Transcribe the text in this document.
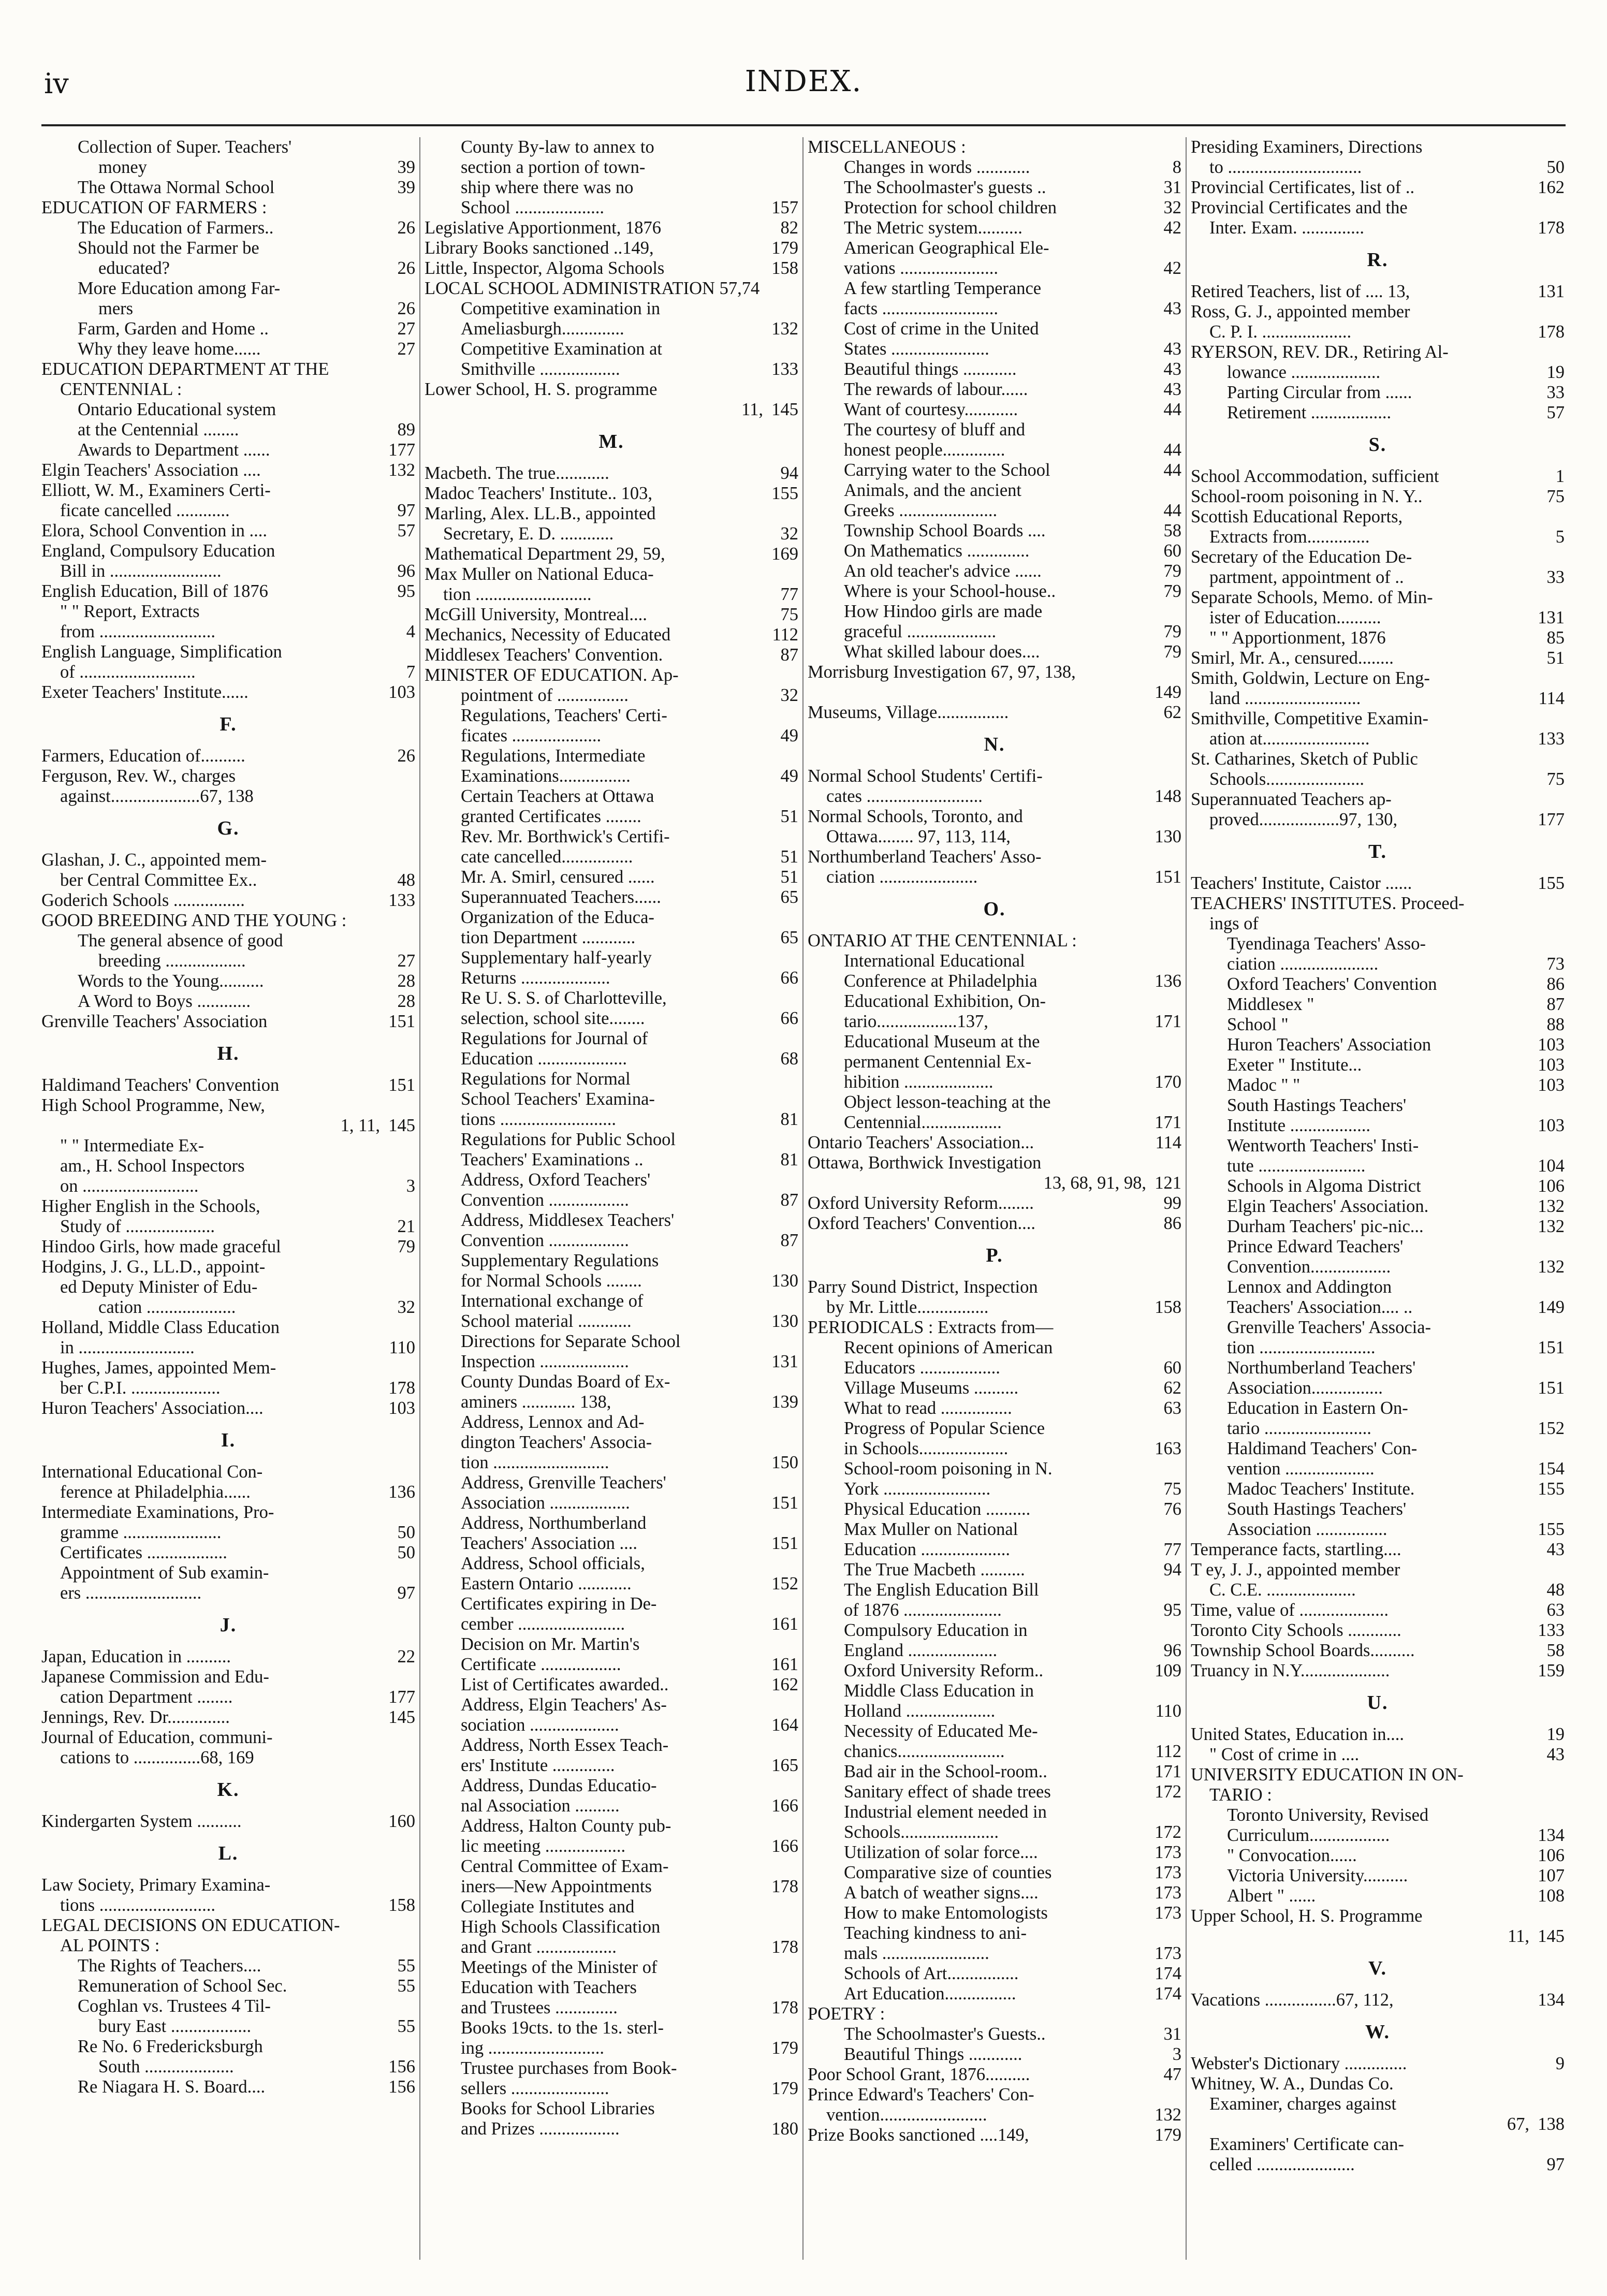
iv	INDEX.
Collection of Super. Teachers'
money	39
The Ottawa Normal School	39
EDUCATION OF FARMERS :
The Education of Farmers..	26
Should not the Farmer be
educated?	26
More Education among Far-
mers	26
Farm, Garden and Home ..	27
Why they leave home......	27
EDUCATION DEPARTMENT AT THE
CENTENNIAL :
Ontario Educational system
at the Centennial ........	89
Awards to Department ......	177
Elgin Teachers' Association ....	132
Elliott, W. M., Examiners Certi-
ficate cancelled ............	97
Elora, School Convention in ....	57
England, Compulsory Education
Bill in .........................	96
English Education, Bill of 1876	95
" " Report, Extracts
from ..........................	4
English Language, Simplification
of ..........................	7
Exeter Teachers' Institute......	103
F.
Farmers, Education of..........	26
Ferguson, Rev. W., charges
against....................67, 138
G.
Glashan, J. C., appointed mem-
ber Central Committee Ex..	48
Goderich Schools ................	133
GOOD BREEDING AND THE YOUNG :
The general absence of good
breeding ..................	27
Words to the Young..........	28
A Word to Boys ............	28
Grenville Teachers' Association	151
H.
Haldimand Teachers' Convention	151
High School Programme, New,
1, 11, 145
" " Intermediate Ex-
am., H. School Inspectors
on ..........................	3
Higher English in the Schools,
Study of ....................	21
Hindoo Girls, how made graceful	79
Hodgins, J. G., LL.D., appoint-
ed Deputy Minister of Edu-
cation ....................	32
Holland, Middle Class Education
in ..........................	110
Hughes, James, appointed Mem-
ber C.P.I. ....................	178
Huron Teachers' Association....	103
I.
International Educational Con-
ference at Philadelphia......	136
Intermediate Examinations, Pro-
gramme ......................	50
Certificates ..................	50
Appointment of Sub examin-
ers ..........................	97
J.
Japan, Education in ..........	22
Japanese Commission and Edu-
cation Department ........	177
Jennings, Rev. Dr..............	145
Journal of Education, communi-
cations to ...............68, 169
K.
Kindergarten System ..........	160
L.
Law Society, Primary Examina-
tions ..........................	158
LEGAL DECISIONS ON EDUCATION-
AL POINTS :
The Rights of Teachers....	55
Remuneration of School Sec.	55
Coghlan vs. Trustees 4 Til-
bury East ..................	55
Re No. 6 Fredericksburgh
South ....................	156
Re Niagara H. S. Board....	156
County By-law to annex to
section a portion of town-
ship where there was no
School ....................	157
Legislative Apportionment, 1876	82
Library Books sanctioned ..149,	179
Little, Inspector, Algoma Schools	158
LOCAL SCHOOL ADMINISTRATION 57,74
Competitive examination in
Ameliasburgh..............	132
Competitive Examination at
Smithville ..................	133
Lower School, H. S. programme
11, 145
M.
Macbeth. The true............	94
Madoc Teachers' Institute.. 103,	155
Marling, Alex. LL.B., appointed
Secretary, E. D. ............	32
Mathematical Department 29, 59,	169
Max Muller on National Educa-
tion ..........................	77
McGill University, Montreal....	75
Mechanics, Necessity of Educated	112
Middlesex Teachers' Convention.	87
MINISTER OF EDUCATION. Ap-
pointment of ................	32
Regulations, Teachers' Certi-
ficates ....................	49
Regulations, Intermediate
Examinations................	49
Certain Teachers at Ottawa
granted Certificates ........	51
Rev. Mr. Borthwick's Certifi-
cate cancelled................	51
Mr. A. Smirl, censured ......	51
Superannuated Teachers......	65
Organization of the Educa-
tion Department ............	65
Supplementary half-yearly
Returns ....................	66
Re U. S. S. of Charlotteville,
selection, school site........	66
Regulations for Journal of
Education ....................	68
Regulations for Normal
School Teachers' Examina-
tions ..........................	81
Regulations for Public School
Teachers' Examinations ..	81
Address, Oxford Teachers'
Convention ..................	87
Address, Middlesex Teachers'
Convention ..................	87
Supplementary Regulations
for Normal Schools ........	130
International exchange of
School material ............	130
Directions for Separate School
Inspection ....................	131
County Dundas Board of Ex-
aminers ............ 138,	139
Address, Lennox and Ad-
dington Teachers' Associa-
tion ..........................	150
Address, Grenville Teachers'
Association ..................	151
Address, Northumberland
Teachers' Association ....	151
Address, School officials,
Eastern Ontario ............	152
Certificates expiring in De-
cember ........................	161
Decision on Mr. Martin's
Certificate ..................	161
List of Certificates awarded..	162
Address, Elgin Teachers' As-
sociation ....................	164
Address, North Essex Teach-
ers' Institute ..............	165
Address, Dundas Educatio-
nal Association ..........	166
Address, Halton County pub-
lic meeting ..................	166
Central Committee of Exam-
iners—New Appointments	178
Collegiate Institutes and
High Schools Classification
and Grant ..................	178
Meetings of the Minister of
Education with Teachers
and Trustees ..............	178
Books 19cts. to the 1s. sterl-
ing ..........................	179
Trustee purchases from Book-
sellers ......................	179
Books for School Libraries
and Prizes ..................	180
MISCELLANEOUS :
Changes in words ............	8
The Schoolmaster's guests ..	31
Protection for school children	32
The Metric system..........	42
American Geographical Ele-
vations ......................	42
A few startling Temperance
facts ..........................	43
Cost of crime in the United
States ......................	43
Beautiful things ............	43
The rewards of labour......	43
Want of courtesy............	44
The courtesy of bluff and
honest people..............	44
Carrying water to the School	44
Animals, and the ancient
Greeks ......................	44
Township School Boards ....	58
On Mathematics ..............	60
An old teacher's advice ......	79
Where is your School-house..	79
How Hindoo girls are made
graceful ....................	79
What skilled labour does....	79
Morrisburg Investigation 67, 97, 138,
149
Museums, Village................	62
N.
Normal School Students' Certifi-
cates ..........................	148
Normal Schools, Toronto, and
Ottawa........ 97, 113, 114,	130
Northumberland Teachers' Asso-
ciation ......................	151
O.
ONTARIO AT THE CENTENNIAL :
International Educational
Conference at Philadelphia	136
Educational Exhibition, On-
tario..................137,	171
Educational Museum at the
permanent Centennial Ex-
hibition ....................	170
Object lesson-teaching at the
Centennial..................	171
Ontario Teachers' Association...	114
Ottawa, Borthwick Investigation
13, 68, 91, 98, 121
Oxford University Reform........	99
Oxford Teachers' Convention....	86
P.
Parry Sound District, Inspection
by Mr. Little................	158
PERIODICALS : Extracts from—
Recent opinions of American
Educators ..................	60
Village Museums ..........	62
What to read ................	63
Progress of Popular Science
in Schools....................	163
School-room poisoning in N.
York ........................	75
Physical Education ..........	76
Max Muller on National
Education ....................	77
The True Macbeth ..........	94
The English Education Bill
of 1876 ......................	95
Compulsory Education in
England ....................	96
Oxford University Reform..	109
Middle Class Education in
Holland ....................	110
Necessity of Educated Me-
chanics........................	112
Bad air in the School-room..	171
Sanitary effect of shade trees	172
Industrial element needed in
Schools......................	172
Utilization of solar force....	173
Comparative size of counties	173
A batch of weather signs....	173
How to make Entomologists	173
Teaching kindness to ani-
mals ........................	173
Schools of Art................	174
Art Education................	174
POETRY :
The Schoolmaster's Guests..	31
Beautiful Things ............	3
Poor School Grant, 1876..........	47
Prince Edward's Teachers' Con-
vention........................	132
Prize Books sanctioned ....149,	179
Presiding Examiners, Directions
to ..............................	50
Provincial Certificates, list of ..	162
Provincial Certificates and the
Inter. Exam. ..............	178
R.
Retired Teachers, list of .... 13,	131
Ross, G. J., appointed member
C. P. I. ....................	178
RYERSON, REV. DR., Retiring Al-
lowance ....................	19
Parting Circular from ......	33
Retirement ..................	57
S.
School Accommodation, sufficient	1
School-room poisoning in N. Y..	75
Scottish Educational Reports,
Extracts from..............	5
Secretary of the Education De-
partment, appointment of ..	33
Separate Schools, Memo. of Min-
ister of Education..........	131
" " Apportionment, 1876	85
Smirl, Mr. A., censured........	51
Smith, Goldwin, Lecture on Eng-
land ..........................	114
Smithville, Competitive Examin-
ation at........................	133
St. Catharines, Sketch of Public
Schools......................	75
Superannuated Teachers ap-
proved..................97, 130,	177
T.
Teachers' Institute, Caistor ......	155
TEACHERS' INSTITUTES. Proceed-
ings of
Tyendinaga Teachers' Asso-
ciation ......................	73
Oxford Teachers' Convention	86
Middlesex "	87
School "	88
Huron Teachers' Association	103
Exeter " Institute...	103
Madoc " "	103
South Hastings Teachers'
Institute ..................	103
Wentworth Teachers' Insti-
tute ........................	104
Schools in Algoma District	106
Elgin Teachers' Association.	132
Durham Teachers' pic-nic...	132
Prince Edward Teachers'
Convention..................	132
Lennox and Addington
Teachers' Association.... ..	149
Grenville Teachers' Associa-
tion ..........................	151
Northumberland Teachers'
Association................	151
Education in Eastern On-
tario ........................	152
Haldimand Teachers' Con-
vention ....................	154
Madoc Teachers' Institute.	155
South Hastings Teachers'
Association ................	155
Temperance facts, startling....	43
T ey, J. J., appointed member
C. C.E. ....................	48
Time, value of ....................	63
Toronto City Schools ............	133
Township School Boards..........	58
Truancy in N.Y....................	159
U.
United States, Education in....	19
" Cost of crime in ....	43
UNIVERSITY EDUCATION IN ON-
TARIO :
Toronto University, Revised
Curriculum..................	134
" Convocation......	106
Victoria University..........	107
Albert " ......	108
Upper School, H. S. Programme
11, 145
V.
Vacations ................67, 112,	134
W.
Webster's Dictionary ..............	9
Whitney, W. A., Dundas Co.
Examiner, charges against
67, 138
Examiners' Certificate can-
celled ......................	97
